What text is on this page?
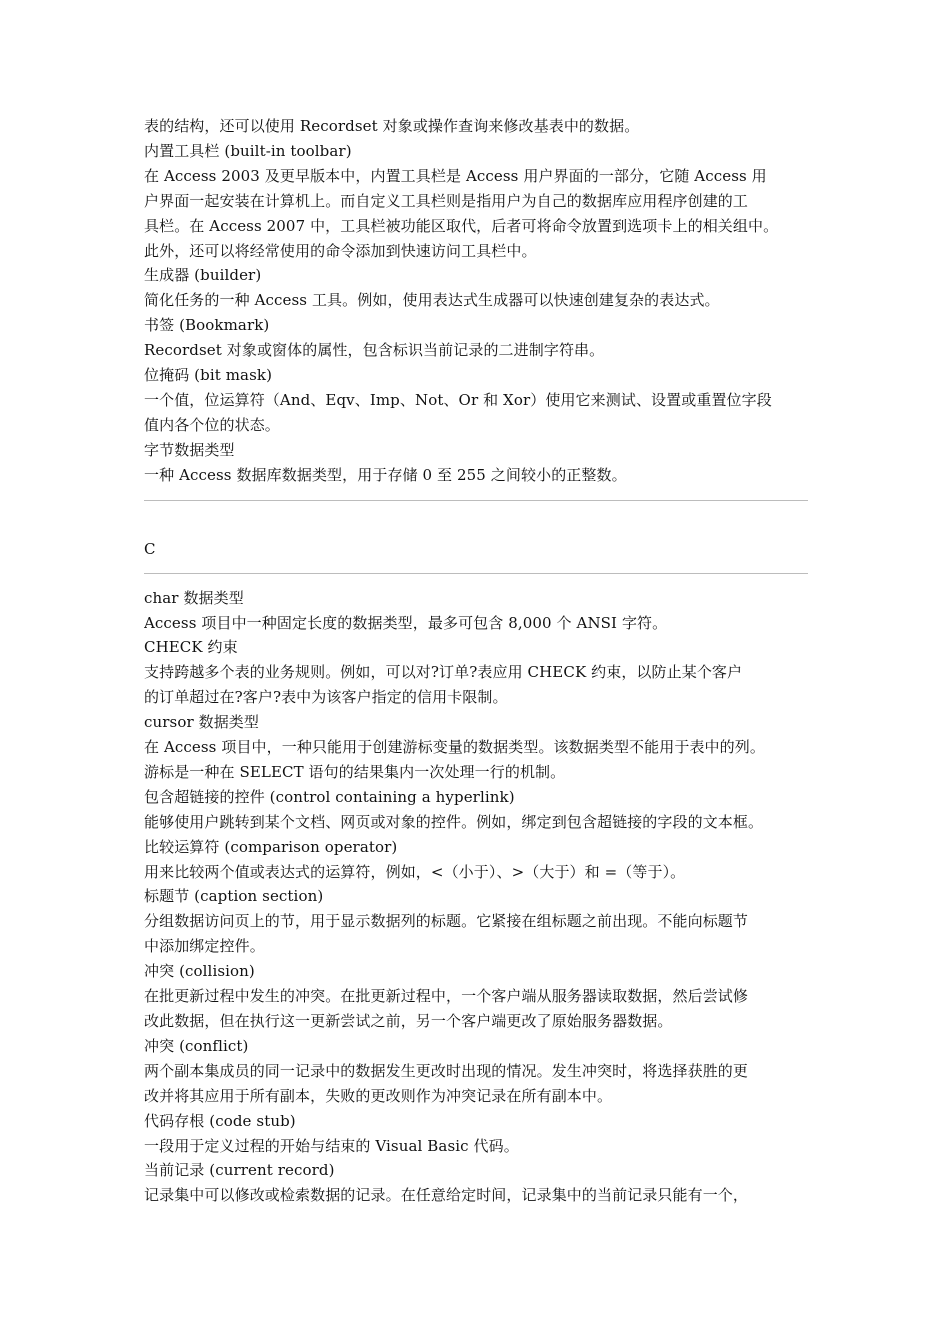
表的结构，还可以使用 Recordset 对象或操作查询来修改基表中的数据。
内置工具栏 (built-in toolbar)
在 Access 2003 及更早版本中，内置工具栏是 Access 用户界面的一部分，它随 Access 用
户界面一起安装在计算机上。而自定义工具栏则是指用户为自己的数据库应用程序创建的工
具栏。在 Access 2007 中，工具栏被功能区取代，后者可将命令放置到选项卡上的相关组中。
此外，还可以将经常使用的命令添加到快速访问工具栏中。
生成器 (builder)
简化任务的一种 Access 工具。例如，使用表达式生成器可以快速创建复杂的表达式。
书签 (Bookmark)
Recordset 对象或窗体的属性，包含标识当前记录的二进制字符串。
位掩码 (bit mask)
一个值，位运算符（And、Eqv、Imp、Not、Or 和 Xor）使用它来测试、设置或重置位字段
值内各个位的状态。
字节数据类型
一种 Access 数据库数据类型，用于存储 0 至 255 之间较小的正整数。
C
char 数据类型
Access 项目中一种固定长度的数据类型，最多可包含 8,000 个 ANSI 字符。
CHECK 约束
支持跨越多个表的业务规则。例如，可以对?订单?表应用 CHECK 约束，以防止某个客户
的订单超过在?客户?表中为该客户指定的信用卡限制。
cursor 数据类型
在 Access 项目中，一种只能用于创建游标变量的数据类型。该数据类型不能用于表中的列。
游标是一种在 SELECT 语句的结果集内一次处理一行的机制。
包含超链接的控件 (control containing a hyperlink)
能够使用户跳转到某个文档、网页或对象的控件。例如，绑定到包含超链接的字段的文本框。
比较运算符 (comparison operator)
用来比较两个值或表达式的运算符，例如，<（小于）、>（大于）和 =（等于）。
标题节 (caption section)
分组数据访问页上的节，用于显示数据列的标题。它紧接在组标题之前出现。不能向标题节
中添加绑定控件。
冲突 (collision)
在批更新过程中发生的冲突。在批更新过程中，一个客户端从服务器读取数据，然后尝试修
改此数据，但在执行这一更新尝试之前，另一个客户端更改了原始服务器数据。
冲突 (conflict)
两个副本集成员的同一记录中的数据发生更改时出现的情况。发生冲突时，将选择获胜的更
改并将其应用于所有副本，失败的更改则作为冲突记录在所有副本中。
代码存根 (code stub)
一段用于定义过程的开始与结束的 Visual Basic 代码。
当前记录 (current record)
记录集中可以修改或检索数据的记录。在任意给定时间，记录集中的当前记录只能有一个，
